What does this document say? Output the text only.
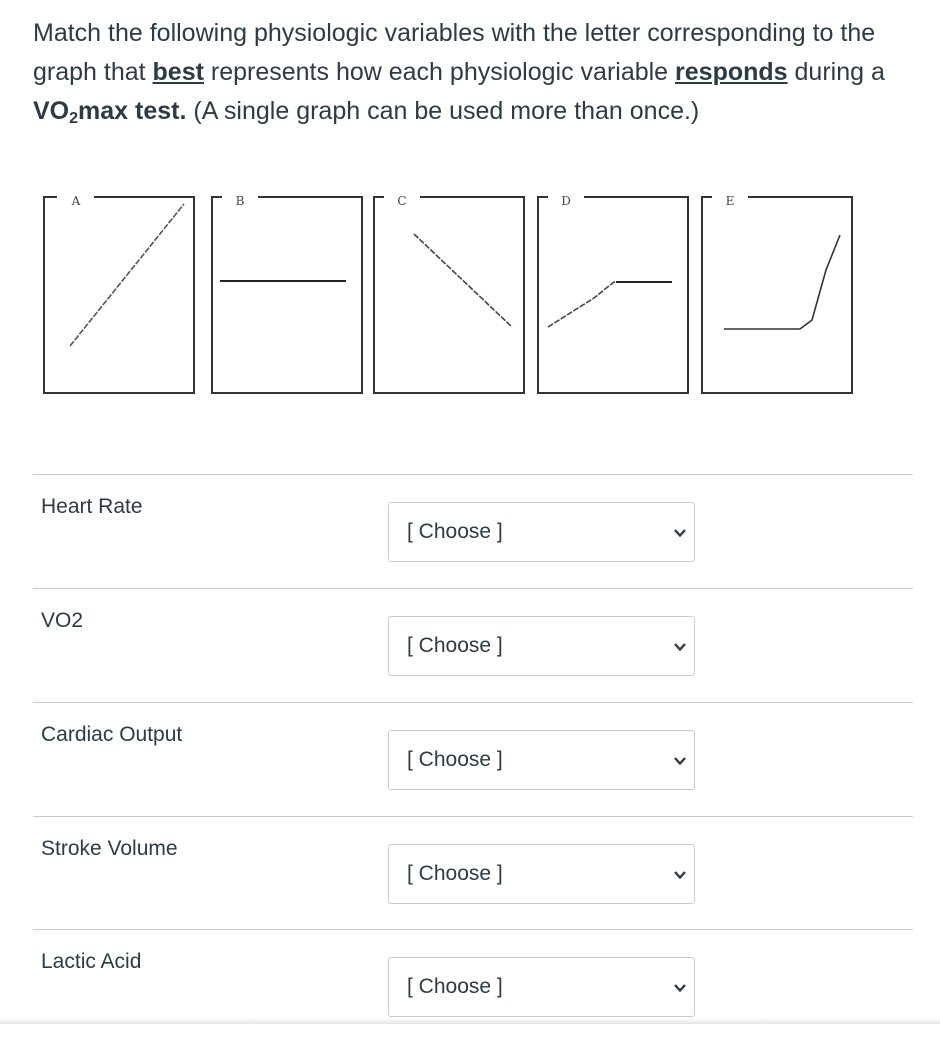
Match the following physiologic variables with the letter corresponding to the graph that best represents how each physiologic variable responds during a $VO_2\max$ test. (A single graph can be used more than once.)
A	B	C	D	E
Heart Rate
[ Choose ]
VO2
[ Choose ]
Cardiac Output
[ Choose ]
Stroke Volume
[ Choose ]
Lactic Acid
[ Choose ]
